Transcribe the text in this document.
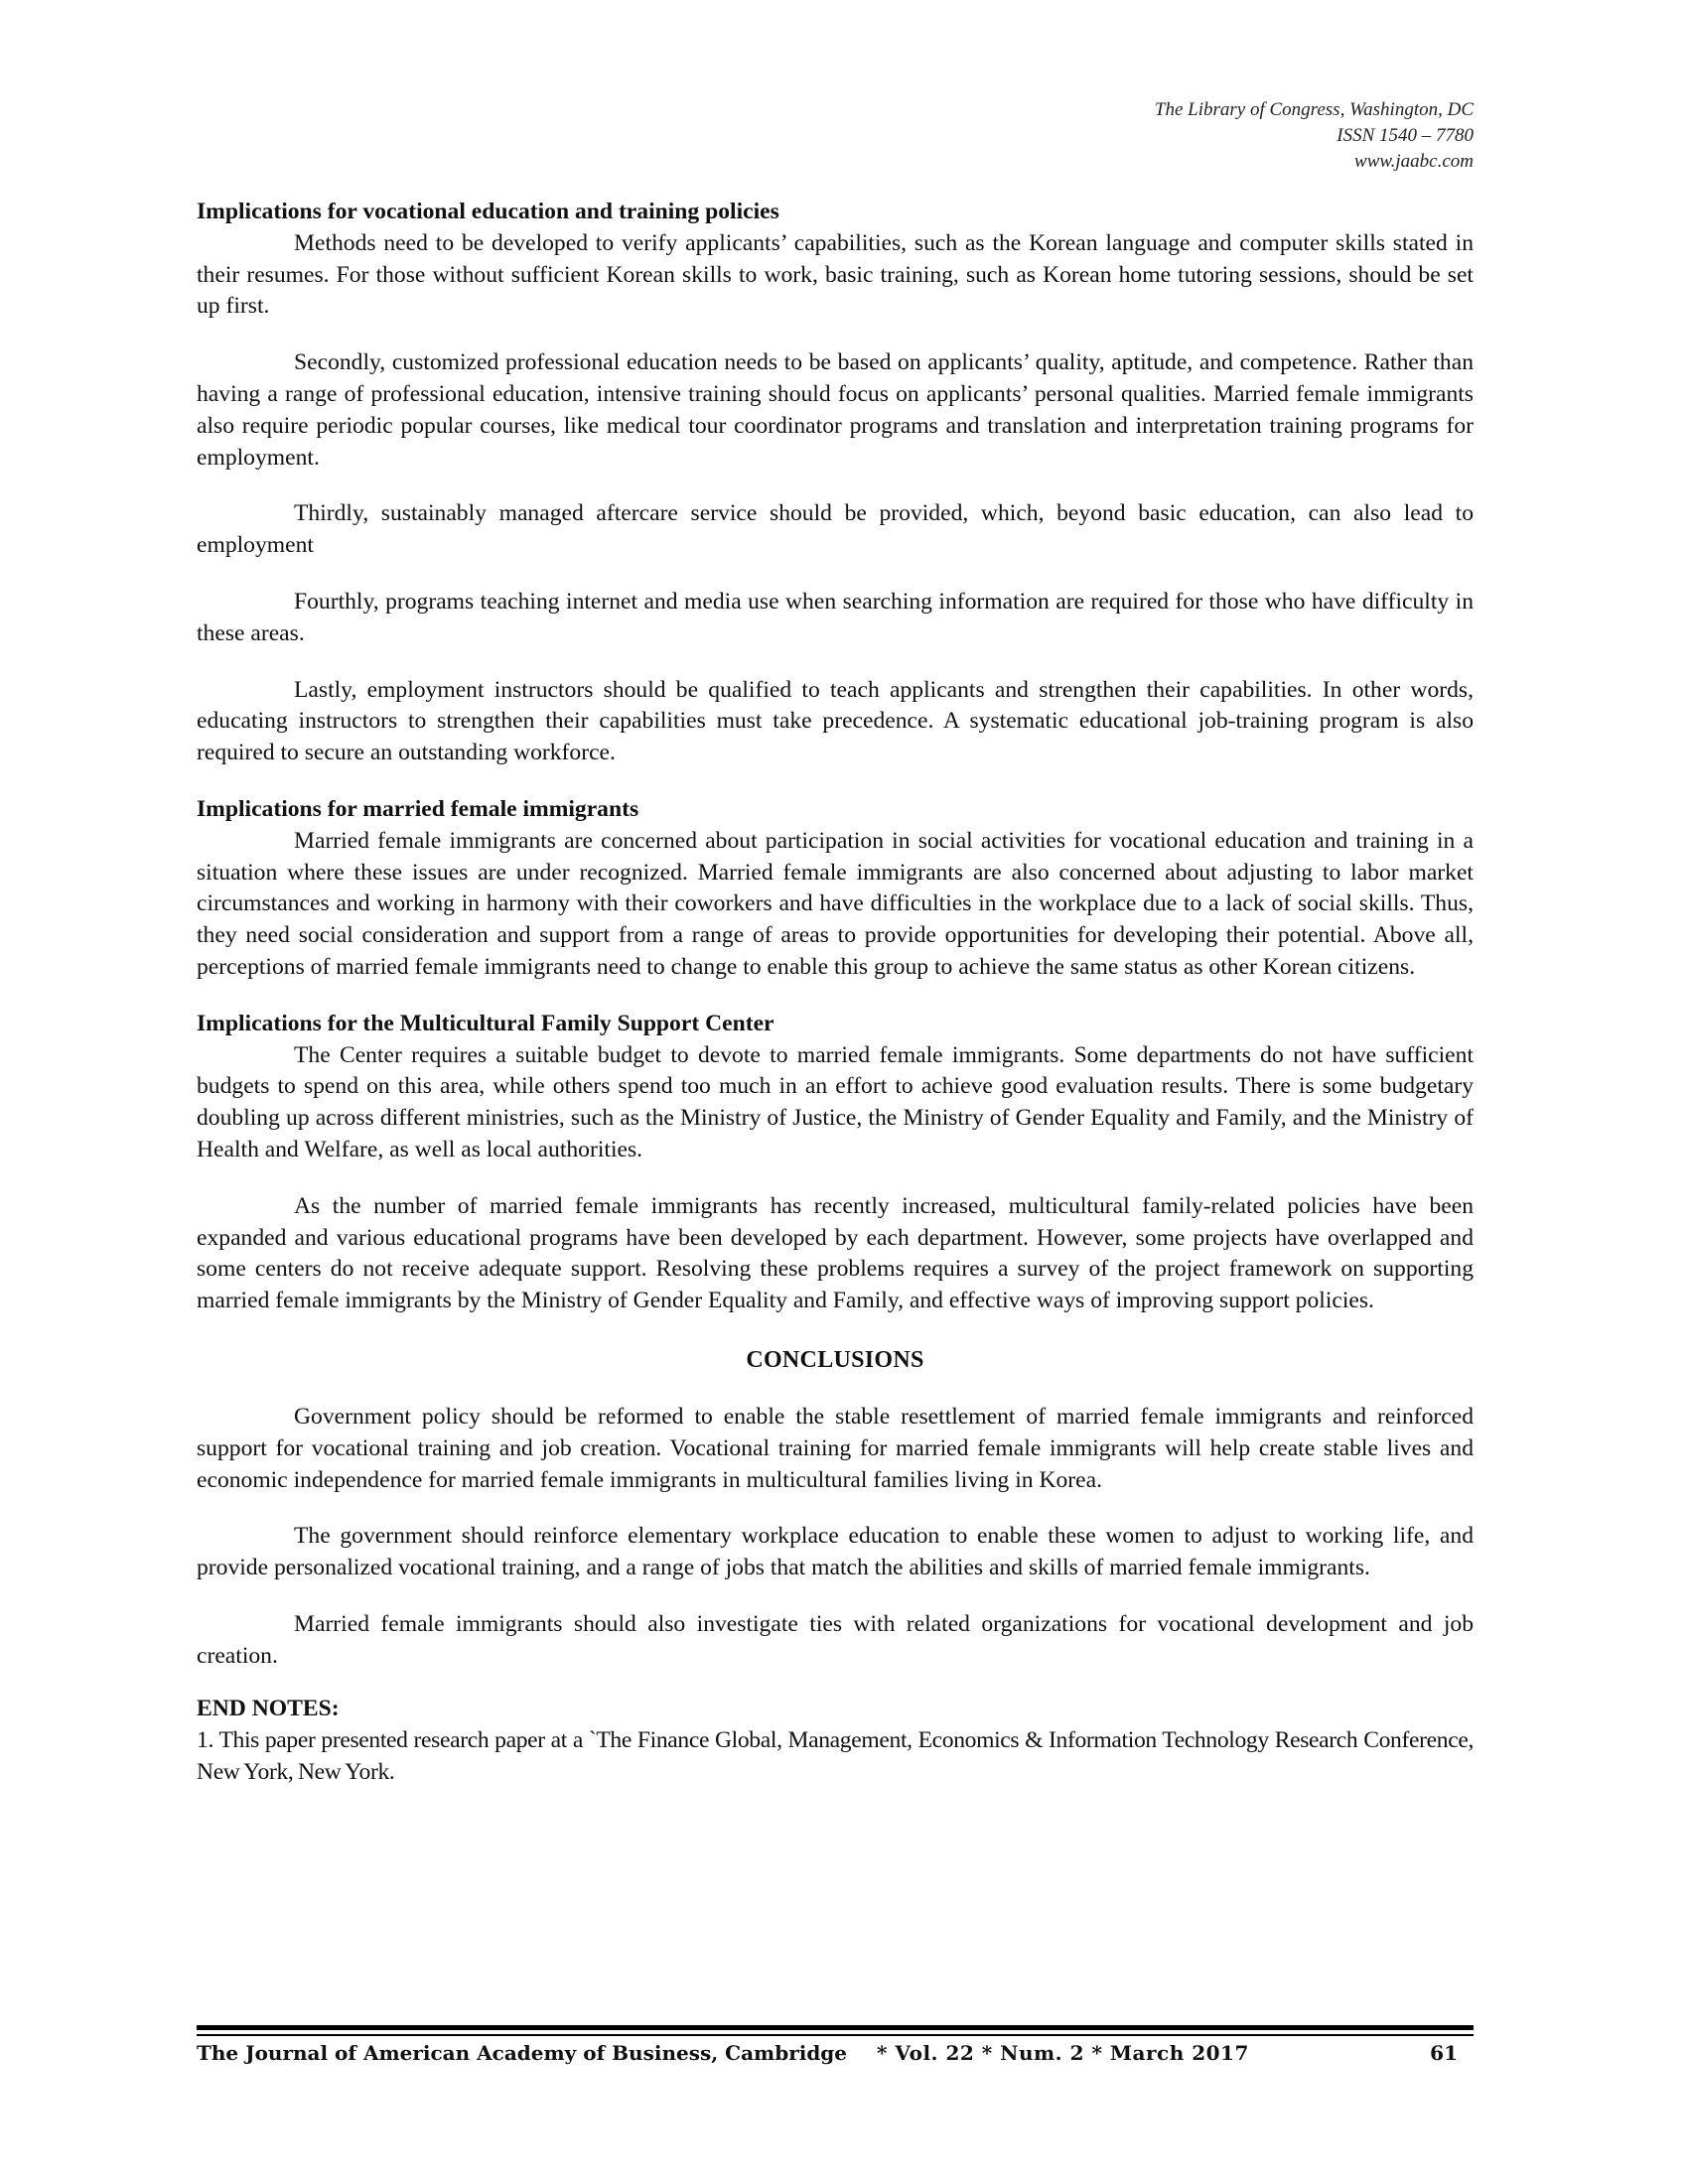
The Library of Congress, Washington, DC
ISSN 1540 – 7780
www.jaabc.com
Implications for vocational education and training policies

Methods need to be developed to verify applicants’ capabilities, such as the Korean language and computer skills stated in their resumes. For those without sufficient Korean skills to work, basic training, such as Korean home tutoring sessions, should be set up first.

Secondly, customized professional education needs to be based on applicants’ quality, aptitude, and competence. Rather than having a range of professional education, intensive training should focus on applicants’ personal qualities. Married female immigrants also require periodic popular courses, like medical tour coordinator programs and translation and interpretation training programs for employment.

Thirdly, sustainably managed aftercare service should be provided, which, beyond basic education, can also lead to employment

Fourthly, programs teaching internet and media use when searching information are required for those who have difficulty in these areas.

Lastly, employment instructors should be qualified to teach applicants and strengthen their capabilities. In other words, educating instructors to strengthen their capabilities must take precedence. A systematic educational job-training program is also required to secure an outstanding workforce.

Implications for married female immigrants

Married female immigrants are concerned about participation in social activities for vocational education and training in a situation where these issues are under recognized. Married female immigrants are also concerned about adjusting to labor market circumstances and working in harmony with their coworkers and have difficulties in the workplace due to a lack of social skills. Thus, they need social consideration and support from a range of areas to provide opportunities for developing their potential. Above all, perceptions of married female immigrants need to change to enable this group to achieve the same status as other Korean citizens.

Implications for the Multicultural Family Support Center

The Center requires a suitable budget to devote to married female immigrants. Some departments do not have sufficient budgets to spend on this area, while others spend too much in an effort to achieve good evaluation results. There is some budgetary doubling up across different ministries, such as the Ministry of Justice, the Ministry of Gender Equality and Family, and the Ministry of Health and Welfare, as well as local authorities.

As the number of married female immigrants has recently increased, multicultural family-related policies have been expanded and various educational programs have been developed by each department. However, some projects have overlapped and some centers do not receive adequate support. Resolving these problems requires a survey of the project framework on supporting married female immigrants by the Ministry of Gender Equality and Family, and effective ways of improving support policies.

CONCLUSIONS

Government policy should be reformed to enable the stable resettlement of married female immigrants and reinforced support for vocational training and job creation. Vocational training for married female immigrants will help create stable lives and economic independence for married female immigrants in multicultural families living in Korea.

The government should reinforce elementary workplace education to enable these women to adjust to working life, and provide personalized vocational training, and a range of jobs that match the abilities and skills of married female immigrants.

Married female immigrants should also investigate ties with related organizations for vocational development and job creation.

END NOTES:

1. This paper presented research paper at a `The Finance Global, Management, Economics & Information Technology Research Conference, New York, New York.

The Journal of American Academy of Business, Cambridge * Vol. 22 * Num. 2 * March 2017	61
